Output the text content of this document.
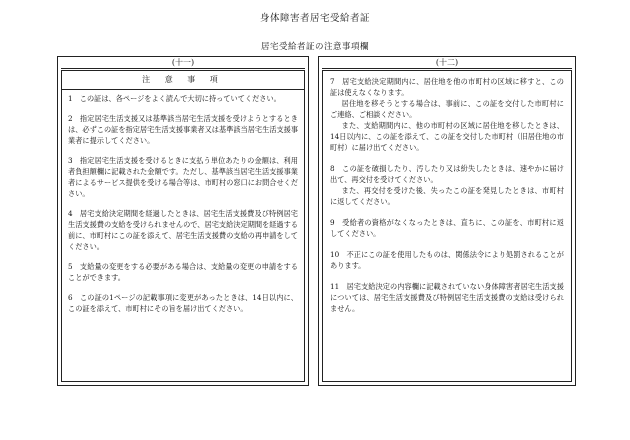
身体障害者居宅受給者証
居宅受給者証の注意事項欄
(十一)
注 意 事 項
1　この証は、各ページをよく読んで大切に持っていてください。
2　指定居宅生活支援又は基準該当居宅生活支援を受けようとするときは、必ずこの証を指定居宅生活支援事業者又は基準該当居宅生活支援事業者に提示してください。
3　指定居宅生活支援を受けるときに支払う単位あたりの金額は、利用者負担額欄に記載された金額です。ただし、基準該当居宅生活支援事業者によるサービス提供を受ける場合等は、市町村の窓口にお問合せください。
4　居宅支給決定期間を経過したときは、居宅生活支援費及び特例居宅生活支援費の支給を受けられませんので、居宅支給決定期間を経過する前に、市町村にこの証を添えて、居宅生活支援費の支給の再申請をしてください。
5　支給量の変更をする必要がある場合は、支給量の変更の申請をすることができます。
6　この証の1ページの記載事項に変更があったときは、14日以内に、この証を添えて、市町村にその旨を届け出てください。
(十二)
7　居宅支給決定期間内に、居住地を他の市町村の区域に移すと、この証は使えなくなります。
居住地を移そうとする場合は、事前に、この証を交付した市町村にご連絡、ご相談ください。
また、支給期間内に、他の市町村の区域に居住地を移したときは、14日以内に、この証を添えて、この証を交付した市町村（旧居住地の市町村）に届け出てください。
8　この証を破損したり、汚したり又は紛失したときは、速やかに届け出て、再交付を受けてください。
また、再交付を受けた後、失ったこの証を発見したときは、市町村に返してください。
9　受給者の資格がなくなったときは、直ちに、この証を、市町村に返してください。
10　不正にこの証を使用したものは、関係法令により処罰されることがあります。
11　居宅支給決定の内容欄に記載されていない身体障害者居宅生活支援については、居宅生活支援費及び特例居宅生活支援費の支給は受けられません。
